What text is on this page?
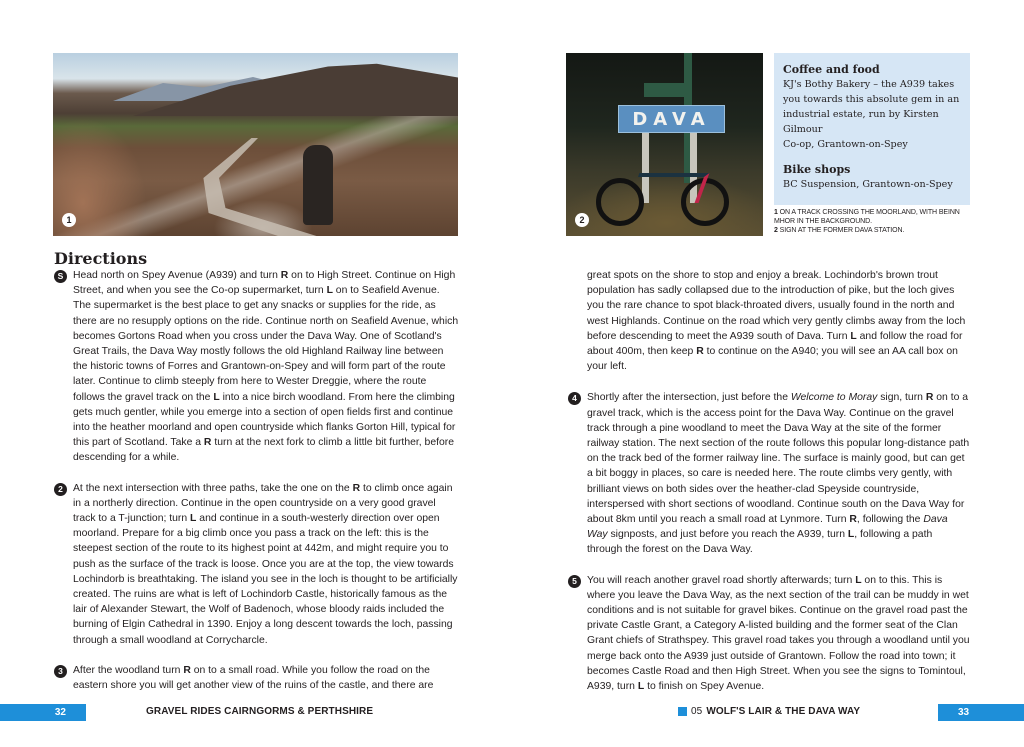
1
Directions
S Head north on Spey Avenue (A939) and turn R on to High Street. Continue on High Street, and when you see the Co-op supermarket, turn L on to Seafield Avenue. The supermarket is the best place to get any snacks or supplies for the ride, as there are no resupply options on the ride. Continue north on Seafield Avenue, which becomes Gortons Road when you cross under the Dava Way. One of Scotland's Great Trails, the Dava Way mostly follows the old Highland Railway line between the historic towns of Forres and Grantown-on-Spey and will form part of the route later. Continue to climb steeply from here to Wester Dreggie, where the route follows the gravel track on the L into a nice birch woodland. From here the climbing gets much gentler, while you emerge into a section of open fields first and continue into the heather moorland and open countryside which flanks Gorton Hill, typical for this part of Scotland. Take a R turn at the next fork to climb a little bit further, before descending for a while.
2 At the next intersection with three paths, take the one on the R to climb once again in a northerly direction. Continue in the open countryside on a very good gravel track to a T-junction; turn L and continue in a south-westerly direction over open moorland. Prepare for a big climb once you pass a track on the left: this is the steepest section of the route to its highest point at 442m, and might require you to push as the surface of the track is loose. Once you are at the top, the view towards Lochindorb is breathtaking. The island you see in the loch is thought to be artificially created. The ruins are what is left of Lochindorb Castle, historically famous as the lair of Alexander Stewart, the Wolf of Badenoch, whose bloody raids included the burning of Elgin Cathedral in 1390. Enjoy a long descent towards the loch, passing through a small woodland at Corrycharcle.
3 After the woodland turn R on to a small road. While you follow the road on the eastern shore you will get another view of the ruins of the castle, and there are
32	GRAVEL RIDES CAIRNGORMS & PERTHSHIRE
DAVA
2
Coffee and food
KJ's Bothy Bakery – the A939 takes you towards this absolute gem in an industrial estate, run by Kirsten Gilmour
Co-op, Grantown-on-Spey
Bike shops
BC Suspension, Grantown-on-Spey
1 ON A TRACK CROSSING THE MOORLAND, WITH BEINN MHOR IN THE BACKGROUND.
2 SIGN AT THE FORMER DAVA STATION.
great spots on the shore to stop and enjoy a break. Lochindorb's brown trout population has sadly collapsed due to the introduction of pike, but the loch gives you the rare chance to spot black-throated divers, usually found in the north and west Highlands. Continue on the road which very gently climbs away from the loch before descending to meet the A939 south of Dava. Turn L and follow the road for about 400m, then keep R to continue on the A940; you will see an AA call box on your left.
4 Shortly after the intersection, just before the Welcome to Moray sign, turn R on to a gravel track, which is the access point for the Dava Way. Continue on the gravel track through a pine woodland to meet the Dava Way at the site of the former railway station. The next section of the route follows this popular long-distance path on the track bed of the former railway line. The surface is mainly good, but can get a bit boggy in places, so care is needed here. The route climbs very gently, with brilliant views on both sides over the heather-clad Speyside countryside, interspersed with short sections of woodland. Continue south on the Dava Way for about 8km until you reach a small road at Lynmore. Turn R, following the Dava Way signposts, and just before you reach the A939, turn L, following a path through the forest on the Dava Way.
5 You will reach another gravel road shortly afterwards; turn L on to this. This is where you leave the Dava Way, as the next section of the trail can be muddy in wet conditions and is not suitable for gravel bikes. Continue on the gravel road past the private Castle Grant, a Category A-listed building and the former seat of the Clan Grant chiefs of Strathspey. This gravel road takes you through a woodland until you merge back onto the A939 just outside of Grantown. Follow the road into town; it becomes Castle Road and then High Street. When you see the signs to Tomintoul, A939, turn L to finish on Spey Avenue.
05 WOLF'S LAIR & THE DAVA WAY	33
